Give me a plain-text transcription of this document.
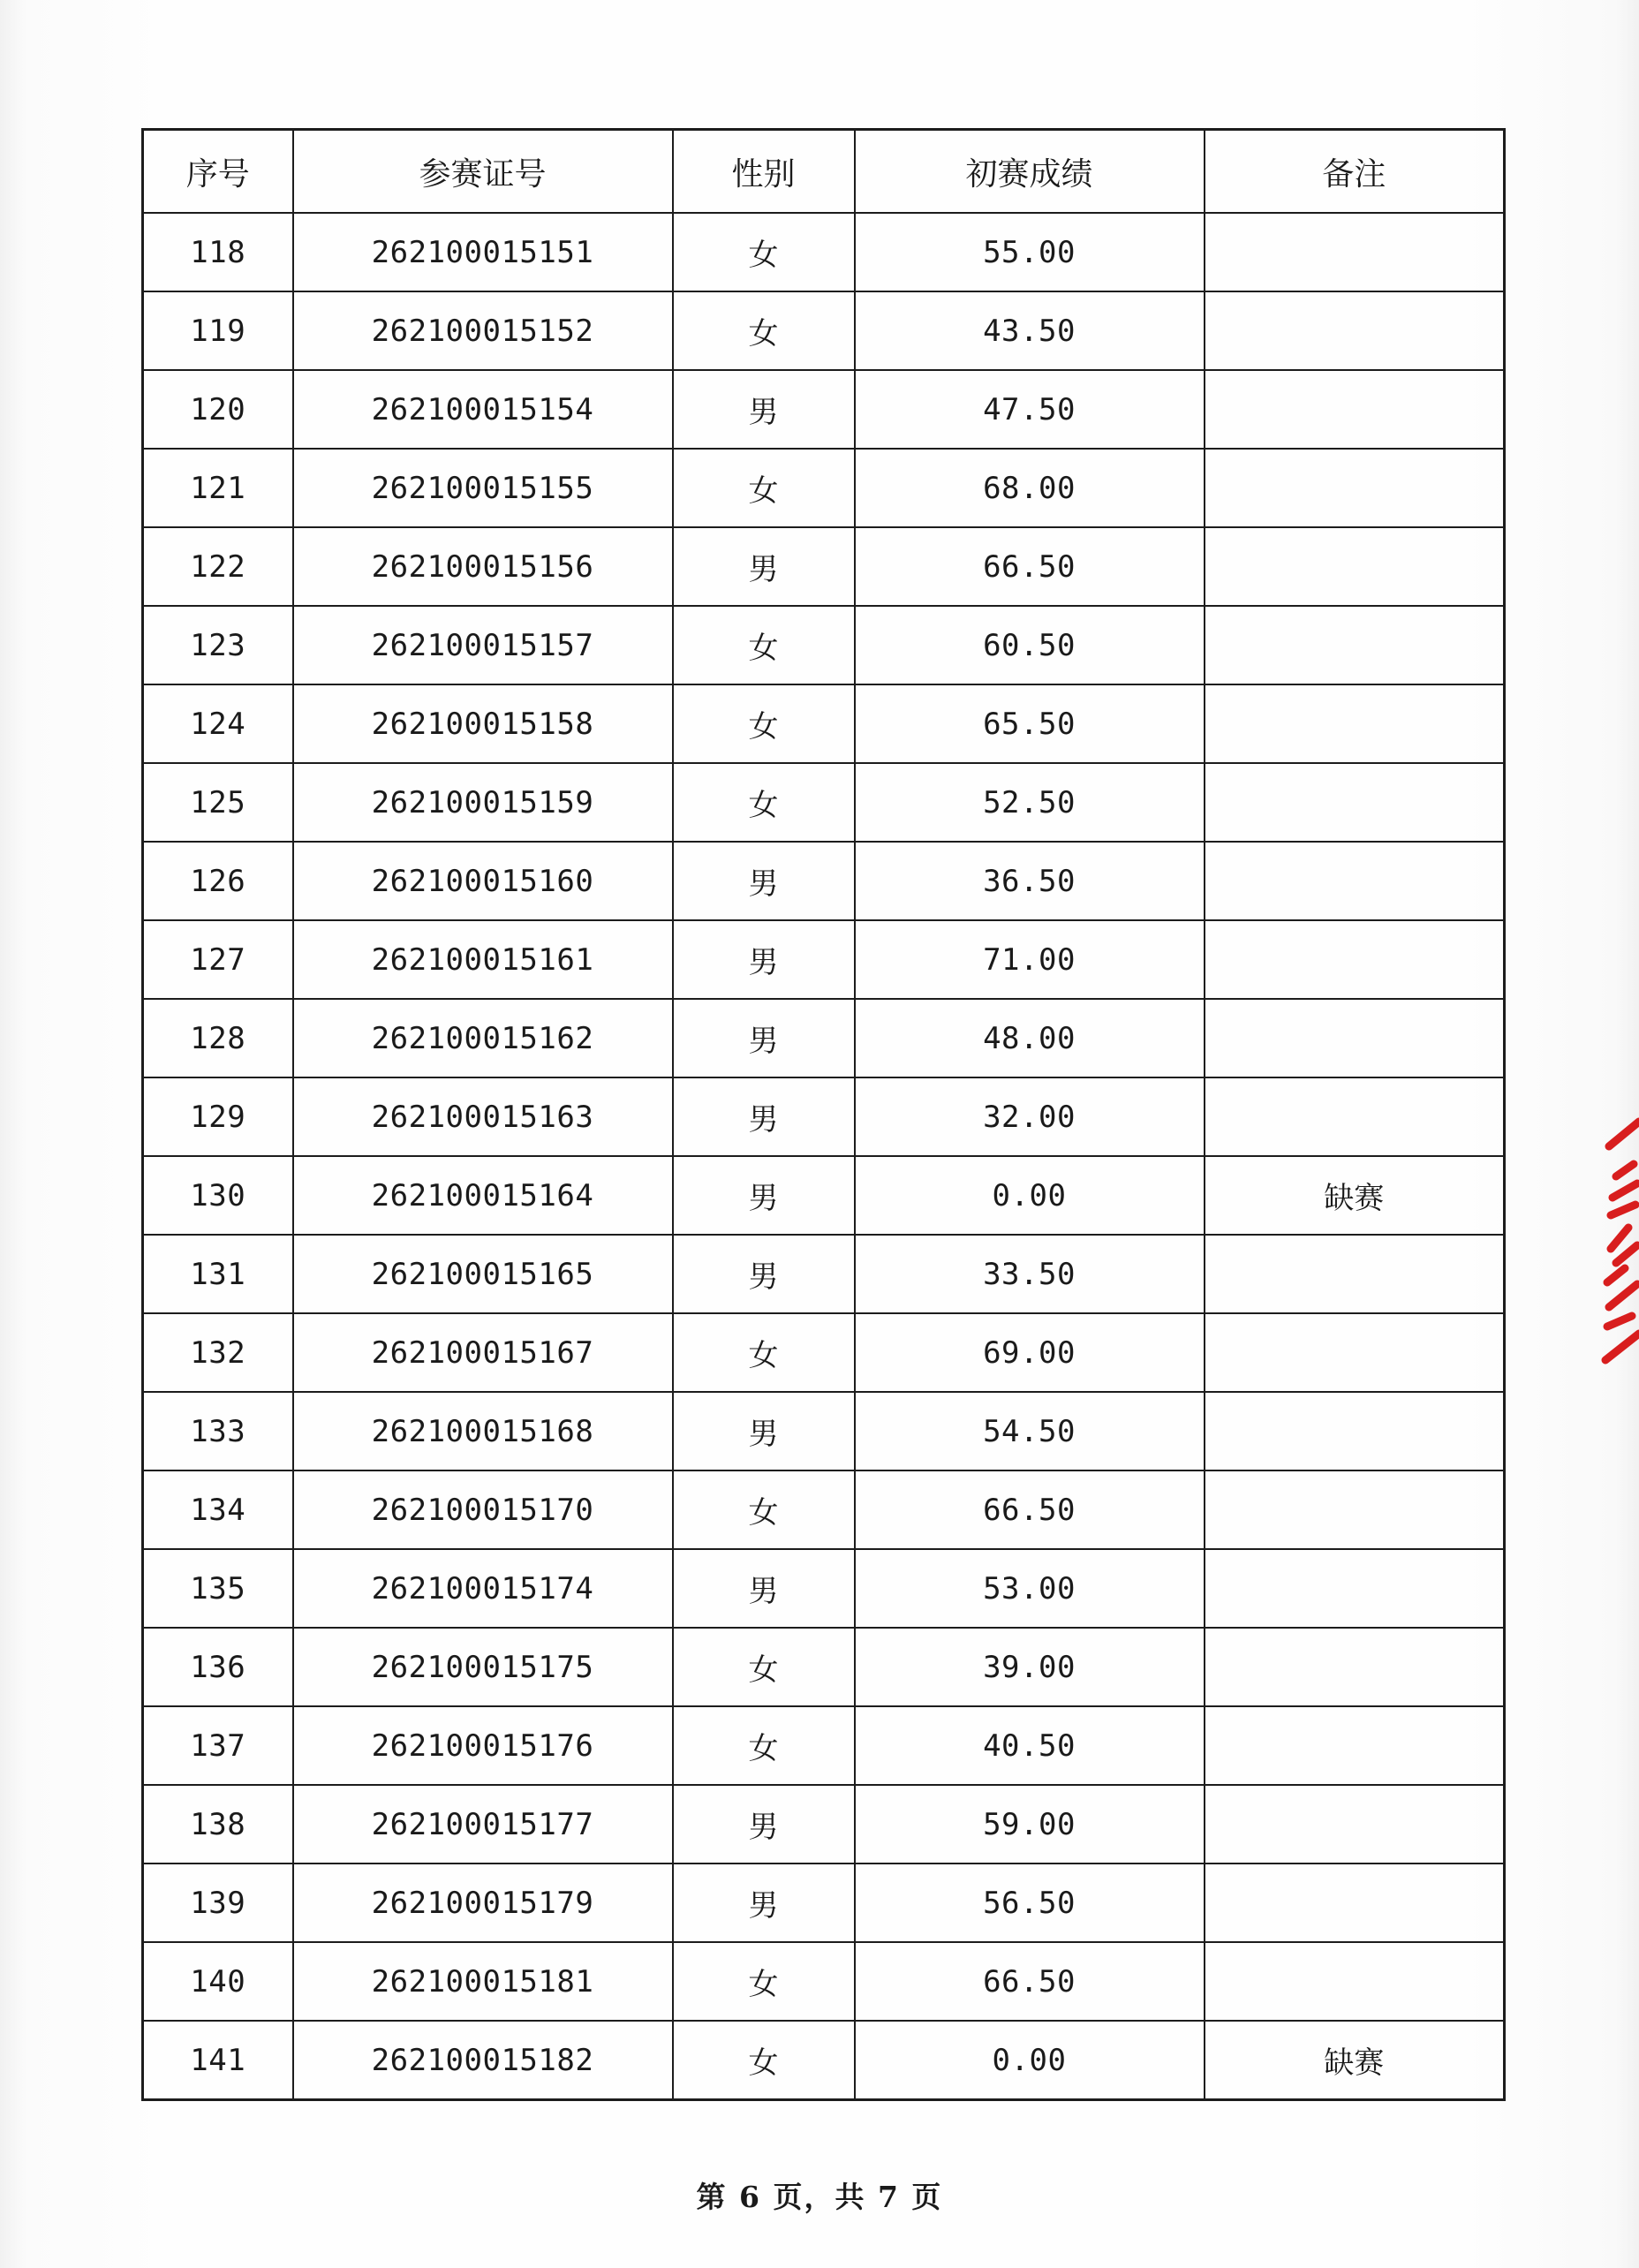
序号	参赛证号	性别	初赛成绩	备注
118	262100015151	女	55.00	
119	262100015152	女	43.50	
120	262100015154	男	47.50	
121	262100015155	女	68.00	
122	262100015156	男	66.50	
123	262100015157	女	60.50	
124	262100015158	女	65.50	
125	262100015159	女	52.50	
126	262100015160	男	36.50	
127	262100015161	男	71.00	
128	262100015162	男	48.00	
129	262100015163	男	32.00	
130	262100015164	男	0.00	缺赛
131	262100015165	男	33.50	
132	262100015167	女	69.00	
133	262100015168	男	54.50	
134	262100015170	女	66.50	
135	262100015174	男	53.00	
136	262100015175	女	39.00	
137	262100015176	女	40.50	
138	262100015177	男	59.00	
139	262100015179	男	56.50	
140	262100015181	女	66.50	
141	262100015182	女	0.00	缺赛
第 6 页，共 7 页
